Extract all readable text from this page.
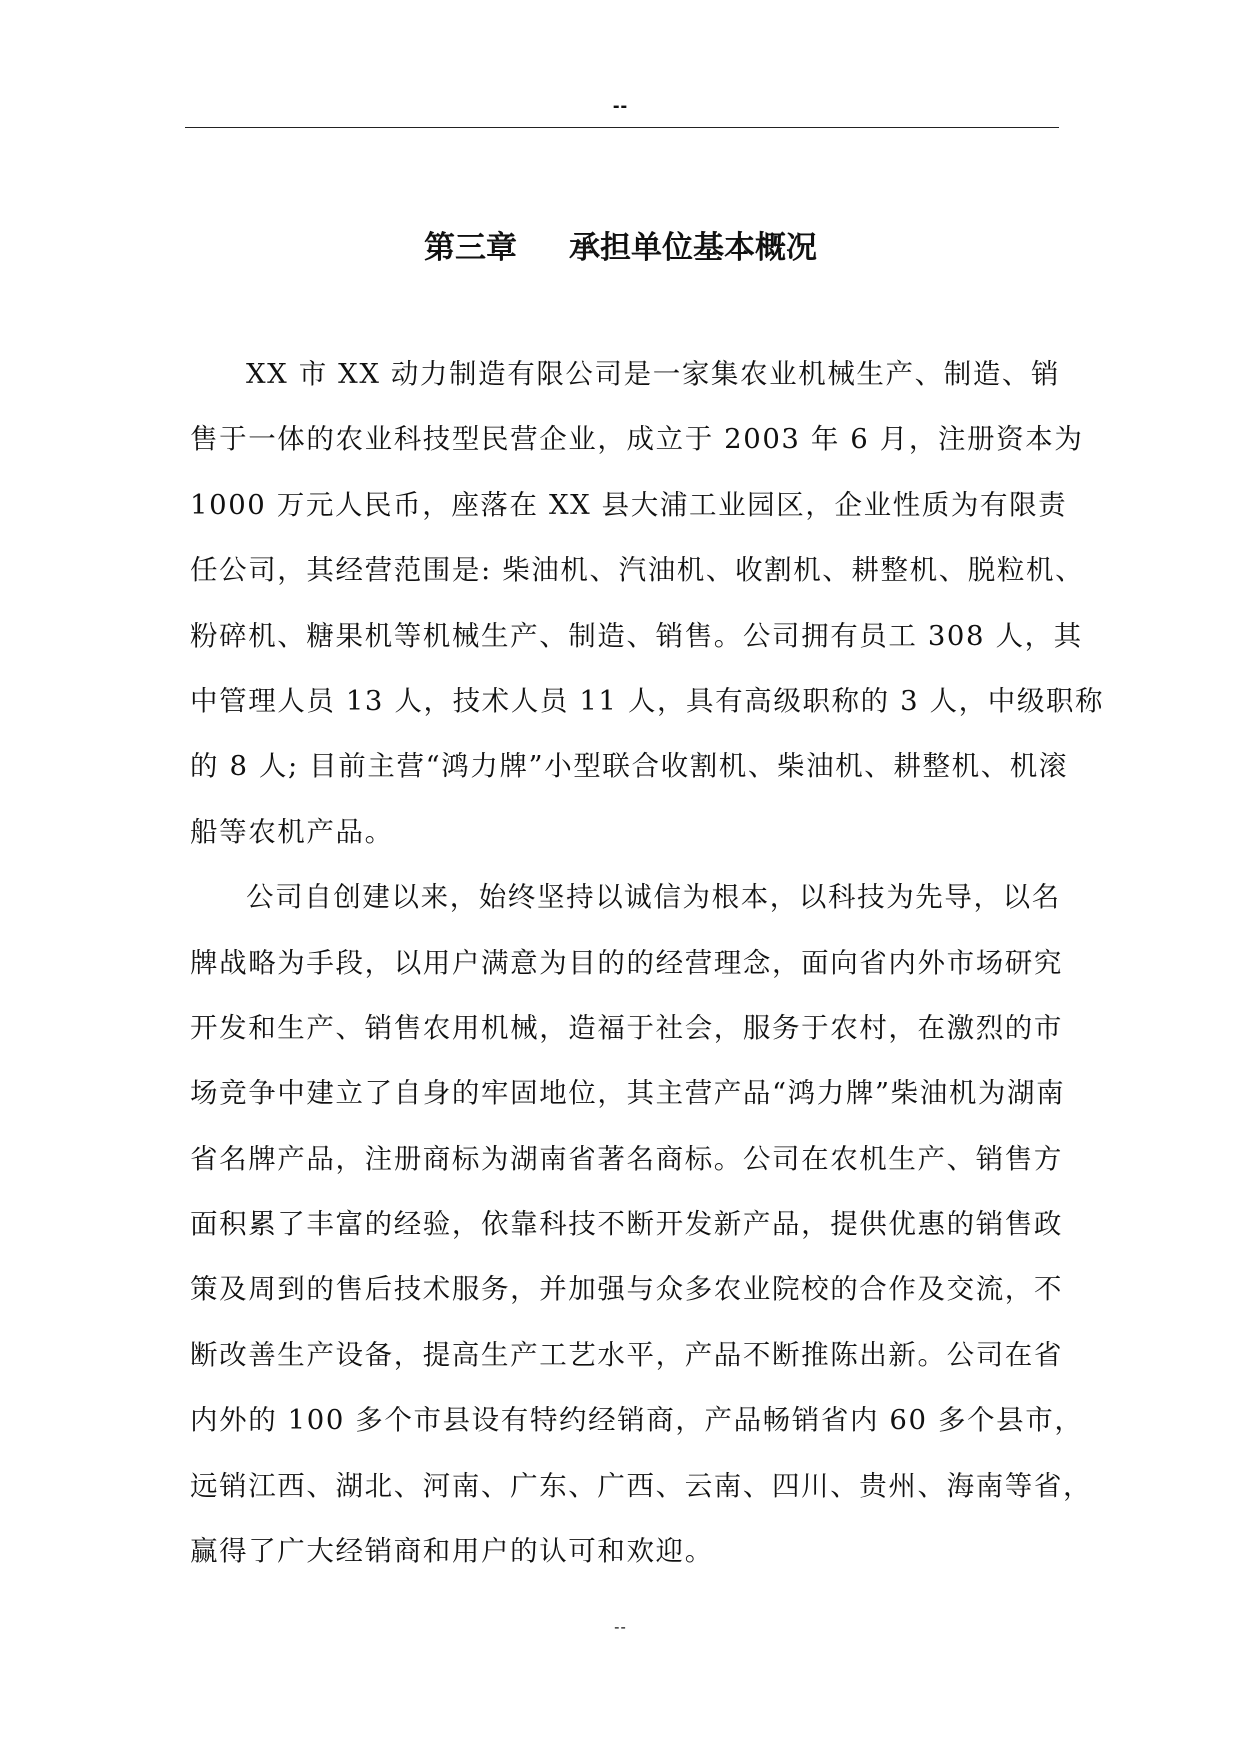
--
第三章 承担单位基本概况
XX 市 XX 动力制造有限公司是一家集农业机械生产、制造、销
售于一体的农业科技型民营企业，成立于 2003 年 6 月，注册资本为
1000 万元人民币，座落在 XX 县大浦工业园区，企业性质为有限责
任公司，其经营范围是: 柴油机、汽油机、收割机、耕整机、脱粒机、
粉碎机、糖果机等机械生产、制造、销售。公司拥有员工 308 人，其
中管理人员 13 人，技术人员 11 人，具有高级职称的 3 人，中级职称
的 8 人; 目前主营“鸿力牌”小型联合收割机、柴油机、耕整机、机滚
船等农机产品。
公司自创建以来，始终坚持以诚信为根本，以科技为先导，以名
牌战略为手段，以用户满意为目的的经营理念，面向省内外市场研究
开发和生产、销售农用机械，造福于社会，服务于农村，在激烈的市
场竞争中建立了自身的牢固地位，其主营产品“鸿力牌”柴油机为湖南
省名牌产品，注册商标为湖南省著名商标。公司在农机生产、销售方
面积累了丰富的经验，依靠科技不断开发新产品，提供优惠的销售政
策及周到的售后技术服务，并加强与众多农业院校的合作及交流，不
断改善生产设备，提高生产工艺水平，产品不断推陈出新。公司在省
内外的 100 多个市县设有特约经销商，产品畅销省内 60 多个县市，
远销江西、湖北、河南、广东、广西、云南、四川、贵州、海南等省，
赢得了广大经销商和用户的认可和欢迎。
--
